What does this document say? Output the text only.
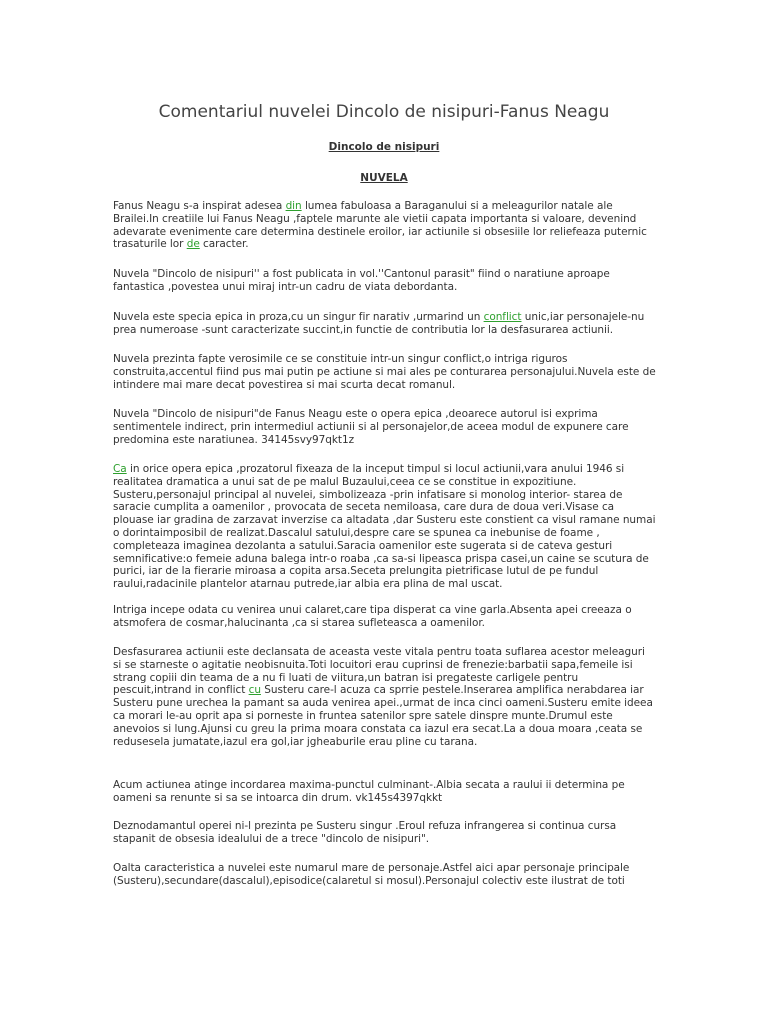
Comentariul nuvelei Dincolo de nisipuri-Fanus Neagu

Dincolo de nisipuri

NUVELA

Fanus Neagu s-a inspirat adesea din lumea fabuloasa a Baraganului si a meleagurilor natale ale Brailei.In creatiile lui Fanus Neagu ,faptele marunte ale vietii capata importanta si valoare, devenind adevarate evenimente care determina destinele eroilor, iar actiunile si obsesiile lor reliefeaza puternic trasaturile lor de caracter.

Nuvela "Dincolo de nisipuri'' a fost publicata in vol.''Cantonul parasit" fiind o naratiune aproape fantastica ,povestea unui miraj intr-un cadru de viata debordanta.

Nuvela este specia epica in proza,cu un singur fir narativ ,urmarind un conflict unic,iar personajele-nu prea numeroase -sunt caracterizate succint,in functie de contributia lor la desfasurarea actiunii.

Nuvela prezinta fapte verosimile ce se constituie intr-un singur conflict,o intriga riguros construita,accentul fiind pus mai putin pe actiune si mai ales pe conturarea personajului.Nuvela este de intindere mai mare decat povestirea si mai scurta decat romanul.

Nuvela "Dincolo de nisipuri"de Fanus Neagu este o opera epica ,deoarece autorul isi exprima sentimentele indirect, prin intermediul actiunii si al personajelor,de aceea modul de expunere care predomina este naratiunea. 34145svy97qkt1z

Ca in orice opera epica ,prozatorul fixeaza de la inceput timpul si locul actiunii,vara anului 1946 si realitatea dramatica a unui sat de pe malul Buzaului,ceea ce se constitue in expozitiune. Susteru,personajul principal al nuvelei, simbolizeaza -prin infatisare si monolog interior- starea de saracie cumplita a oamenilor , provocata de seceta nemiloasa, care dura de doua veri.Visase ca plouase iar gradina de zarzavat inverzise ca altadata ,dar Susteru este constient ca visul ramane numai o dorintaimposibil de realizat.Dascalul satului,despre care se spunea ca inebunise de foame , completeaza imaginea dezolanta a satului.Saracia oamenilor este sugerata si de cateva gesturi semnificative:o femeie aduna balega intr-o roaba ,ca sa-si lipeasca prispa casei,un caine se scutura de purici, iar de la fierarie miroasa a copita arsa.Seceta prelungita pietrificase lutul de pe fundul raului,radacinile plantelor atarnau putrede,iar albia era plina de mal uscat.

Intriga incepe odata cu venirea unui calaret,care tipa disperat ca vine garla.Absenta apei creeaza o atsmofera de cosmar,halucinanta ,ca si starea sufleteasca a oamenilor.

Desfasurarea actiunii este declansata de aceasta veste vitala pentru toata suflarea acestor meleaguri si se starneste o agitatie neobisnuita.Toti locuitori erau cuprinsi de frenezie:barbatii sapa,femeile isi strang copiii din teama de a nu fi luati de viitura,un batran isi pregateste carligele pentru pescuit,intrand in conflict cu Susteru care-l acuza ca sprrie pestele.Inserarea amplifica nerabdarea iar Susteru pune urechea la pamant sa auda venirea apei.,urmat de inca cinci oameni.Susteru emite ideea ca morari le-au oprit apa si porneste in fruntea satenilor spre satele dinspre munte.Drumul este anevoios si lung.Ajunsi cu greu la prima moara constata ca iazul era secat.La a doua moara ,ceata se redusesela jumatate,iazul era gol,iar jgheaburile erau pline cu tarana.

Acum actiunea atinge incordarea maxima-punctul culminant-.Albia secata a raului ii determina pe oameni sa renunte si sa se intoarca din drum. vk145s4397qkkt

Deznodamantul operei ni-l prezinta pe Susteru singur .Eroul refuza infrangerea si continua cursa stapanit de obsesia idealului de a trece "dincolo de nisipuri".

Oalta caracteristica a nuvelei este numarul mare de personaje.Astfel aici apar personaje principale (Susteru),secundare(dascalul),episodice(calaretul si mosul).Personajul colectiv este ilustrat de toti
